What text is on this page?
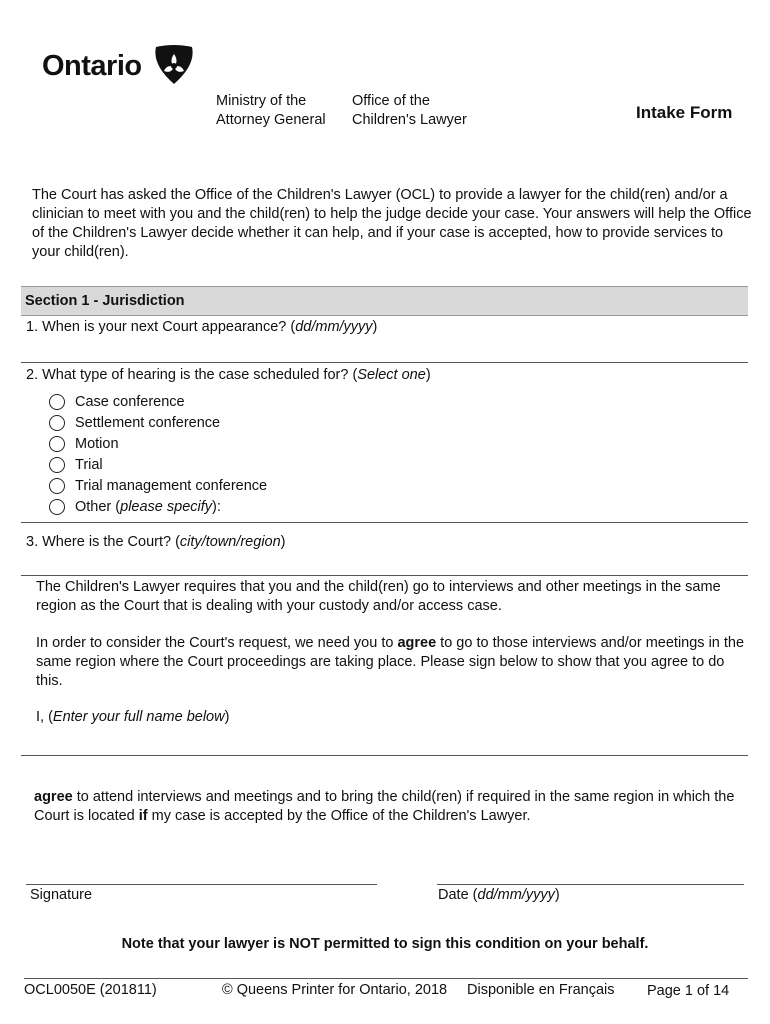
Ontario
Ministry of the
Attorney General
Office of the
Children's Lawyer	Intake Form
The Court has asked the Office of the Children's Lawyer (OCL) to provide a lawyer for the child(ren) and/or a clinician to meet with you and the child(ren) to help the judge decide your case. Your answers will help the Office of the Children's Lawyer decide whether it can help, and if your case is accepted, how to provide services to your child(ren).
Section 1 - Jurisdiction
1. When is your next Court appearance? (dd/mm/yyyy)
2. What type of hearing is the case scheduled for? (Select one)
Case conference
Settlement conference
Motion
Trial
Trial management conference
Other ( please specify ):
3. Where is the Court? (city/town/region)
The Children's Lawyer requires that you and the child(ren) go to interviews and other meetings in the same region as the Court that is dealing with your custody and/or access case.
In order to consider the Court's request, we need you to agree to go to those interviews and/or meetings in the same region where the Court proceedings are taking place. Please sign below to show that you agree to do this.
I, (Enter your full name below)
agree to attend interviews and meetings and to bring the child(ren) if required in the same region in which the Court is located if my case is accepted by the Office of the Children's Lawyer.
Signature	Date (dd/mm/yyyy)
Note that your lawyer is NOT permitted to sign this condition on your behalf.
OCL0050E (201811)	© Queens Printer for Ontario, 2018 Disponible en Français Page 1 of 14
